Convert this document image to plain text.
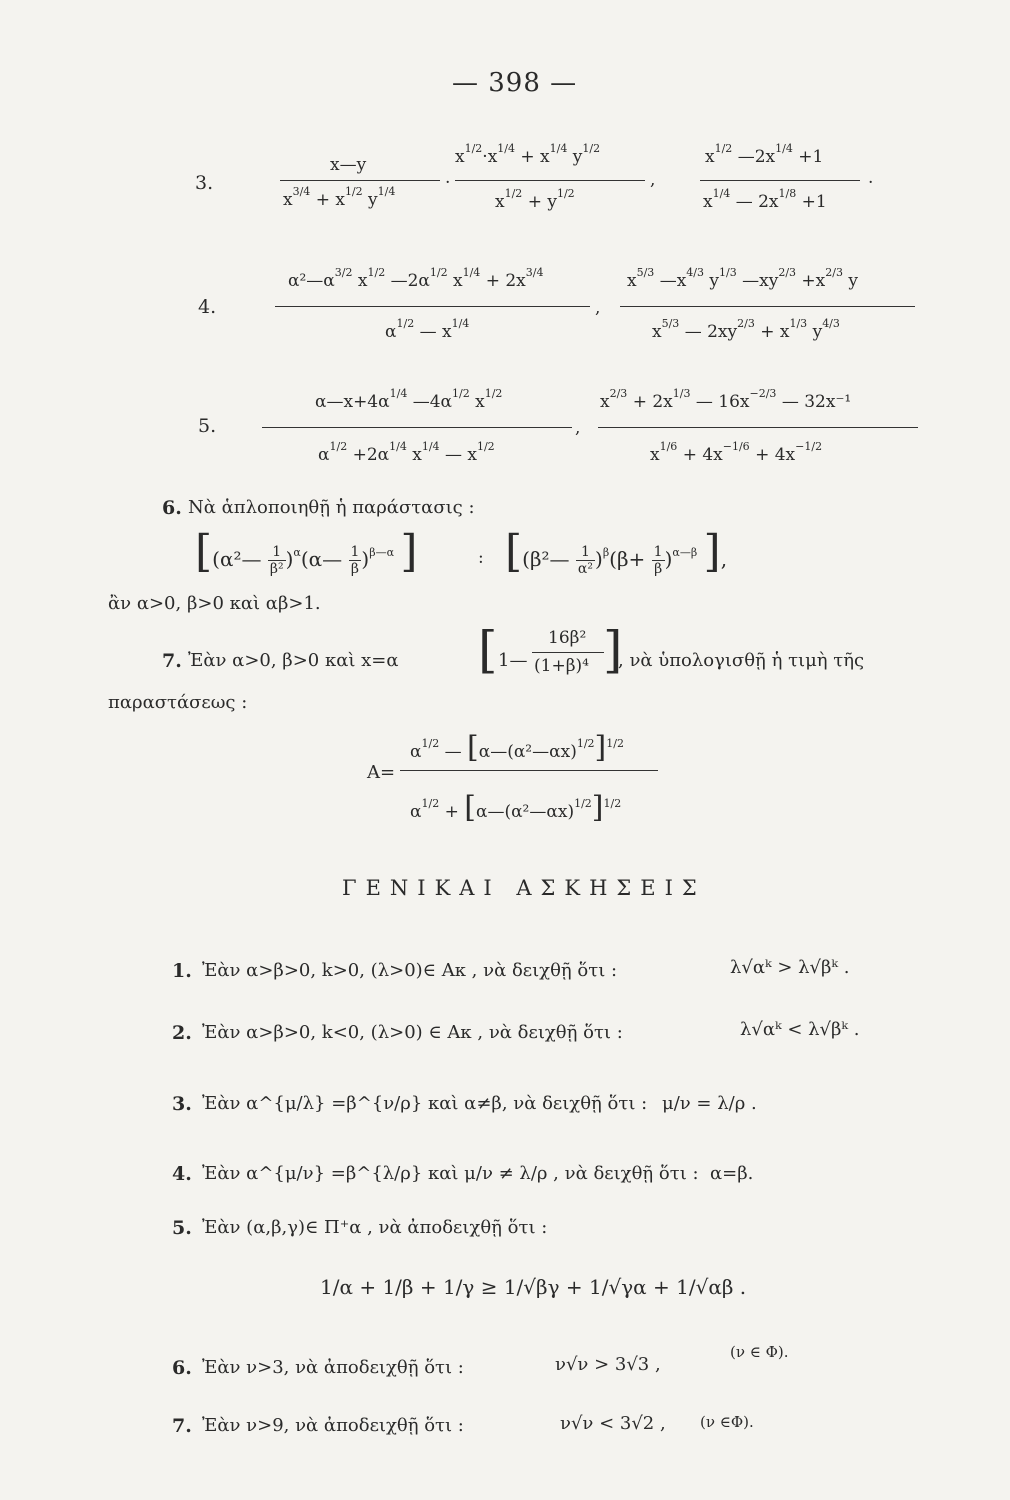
— 398 —
3.
x—y
$x^{3/4} + x^{1/2}$ $y^{1/4}$
.
$x^{1/2}\cdot x^{1/4} + x^{1/4}$ $y^{1/2}$
$x^{1/2} + y^{1/2}$
,
$x^{1/2}$ $—2x^{1/4} +1$
$x^{1/4}$ — $2x^{1/8} +1$
.
4.
$\alpha^2—\alpha^{3/2}$ $x^{1/2}$ $—2\alpha^{1/2}$ $x^{1/4} + 2x^{3/4}$
$\alpha^{1/2}$ — $x^{1/4}$
,
$x^{5/3}$ $—x^{4/3}$ $y^{1/3}$ $—xy^{2/3} +x^{2/3}$ y
$x^{5/3}$ — $2xy^{2/3} + x^{1/3}$ $y^{4/3}$
5.
$\alpha—x+4\alpha^{1/4}$ $—4\alpha^{1/2}$ $x^{1/2}$
$\alpha^{1/2} +2\alpha^{1/4}$ $x^{1/4}$ — $x^{1/2}$
,
$x^{2/3} + 2x^{1/3}$ — $16x^{-2/3}$ — 32x⁻¹
$x^{1/6} + 4x^{-1/6} + 4x^{-1/2}$
6. Νὰ ἁπλοποιηθῇ ἡ παράστασις :
[(α²— $\frac{1}{\text{β²}}$ )$^\alpha$(α— $\frac{1}{\beta} )^{\beta—\alpha}$ ]	: [(β²— $\frac{1}{\text{α²}} )^\beta(\beta+ \frac{1}{\beta} )^{\alpha—\beta}$ ],
ἂν α>0, β>0 καὶ αβ>1.
7. Ἐὰν α>0, β>0 καὶ x=α [ 1—
16β²
(1+β)⁴ ]
, νὰ ὑπολογισθῇ ἡ τιμὴ τῆς
παραστάσεως :
A=
$\alpha^{1/2}$ — [α—(α²—αx)$^{1/2}$]$^{1/2}$
$\alpha^{1/2}$ + [α—(α²—αx)$^{1/2}$]$^{1/2}$
ΓΕΝΙΚΑΙ ΑΣΚΗΣΕΙΣ
1. Ἐὰν α>β>0, k>0, (λ>0)∈ Aκ , νὰ δειχθῇ ὅτι :	λ√αᵏ > λ√βᵏ .
2. Ἐὰν α>β>0, k<0, (λ>0) ∈ Aκ , νὰ δειχθῇ ὅτι :	λ√αᵏ < λ√βᵏ .
3. Ἐὰν α^{μ/λ} =β^{ν/ρ} καὶ α≠β, νὰ δειχθῇ ὅτι : μ/ν = λ/ρ .
4. Ἐὰν α^{μ/ν} =β^{λ/ρ} καὶ μ/ν ≠ λ/ρ , νὰ δειχθῇ ὅτι : α=β.
5. Ἐὰν (α,β,γ)∈ Π⁺α , νὰ ἀποδειχθῇ ὅτι :
1/α + 1/β + 1/γ ≥ 1/√βγ + 1/√γα + 1/√αβ .
6. Ἐὰν ν>3, νὰ ἀποδειχθῇ ὅτι :	ν√ν > 3√3 ,
(ν ∈ Φ).
7. Ἐὰν ν>9, νὰ ἀποδειχθῇ ὅτι :	ν√ν < 3√2 , (ν ∈Φ).
